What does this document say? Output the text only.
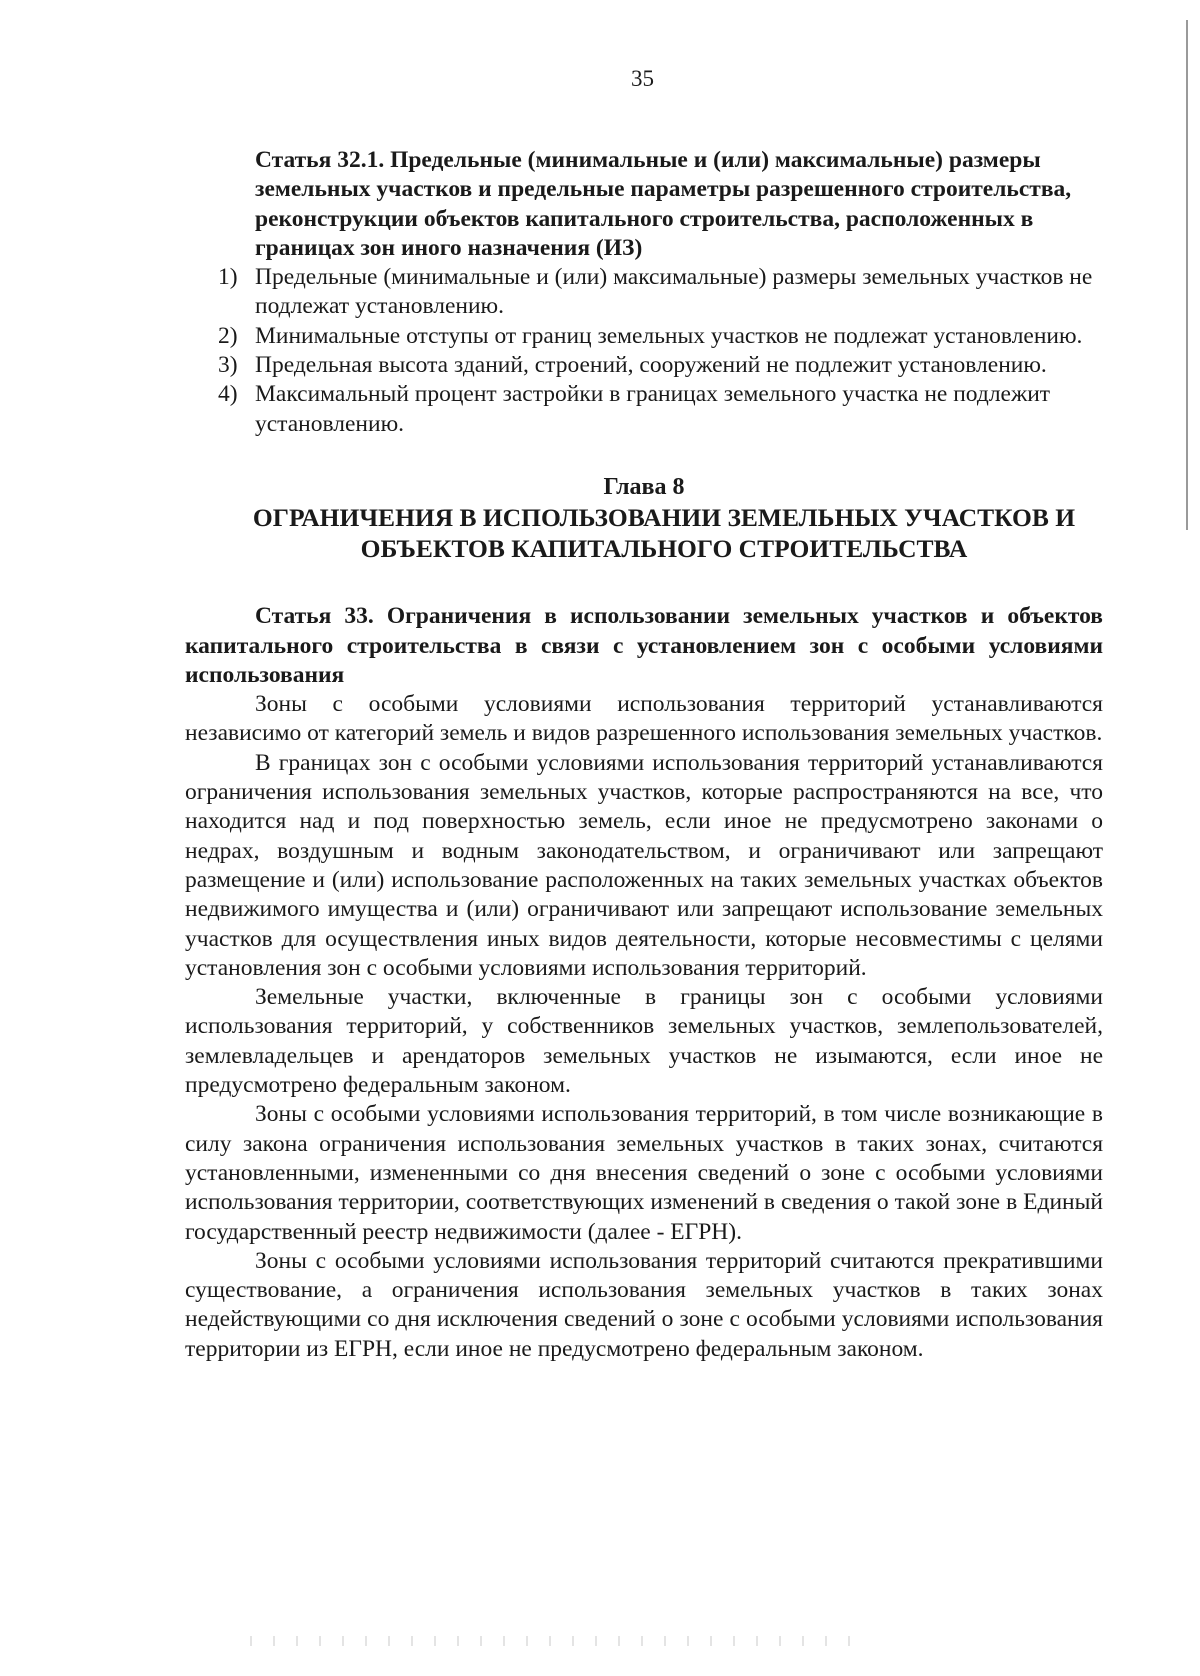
35
Статья 32.1. Предельные (минимальные и (или) максимальные) размеры земельных участков и предельные параметры разрешенного строительства, реконструкции объектов капитального строительства, расположенных в границах зон иного назначения (ИЗ)
1) Предельные (минимальные и (или) максимальные) размеры земельных участков не подлежат установлению.
2) Минимальные отступы от границ земельных участков не подлежат установлению.
3) Предельная высота зданий, строений, сооружений не подлежит установлению.
4) Максимальный процент застройки в границах земельного участка не подлежит установлению.
Глава 8
ОГРАНИЧЕНИЯ В ИСПОЛЬЗОВАНИИ ЗЕМЕЛЬНЫХ УЧАСТКОВ И ОБЪЕКТОВ КАПИТАЛЬНОГО СТРОИТЕЛЬСТВА
Статья 33. Ограничения в использовании земельных участков и объектов капитального строительства в связи с установлением зон с особыми условиями использования

Зоны с особыми условиями использования территорий устанавливаются независимо от категорий земель и видов разрешенного использования земельных участков.

В границах зон с особыми условиями использования территорий устанавливаются ограничения использования земельных участков, которые распространяются на все, что находится над и под поверхностью земель, если иное не предусмотрено законами о недрах, воздушным и водным законодательством, и ограничивают или запрещают размещение и (или) использование расположенных на таких земельных участках объектов недвижимого имущества и (или) ограничивают или запрещают использование земельных участков для осуществления иных видов деятельности, которые несовместимы с целями установления зон с особыми условиями использования территорий.

Земельные участки, включенные в границы зон с особыми условиями использования территорий, у собственников земельных участков, землепользователей, землевладельцев и арендаторов земельных участков не изымаются, если иное не предусмотрено федеральным законом.

Зоны с особыми условиями использования территорий, в том числе возникающие в силу закона ограничения использования земельных участков в таких зонах, считаются установленными, измененными со дня внесения сведений о зоне с особыми условиями использования территории, соответствующих изменений в сведения о такой зоне в Единый государственный реестр недвижимости (далее - ЕГРН).

Зоны с особыми условиями использования территорий считаются прекратившими существование, а ограничения использования земельных участков в таких зонах недействующими со дня исключения сведений о зоне с особыми условиями использования территории из ЕГРН, если иное не предусмотрено федеральным законом.
